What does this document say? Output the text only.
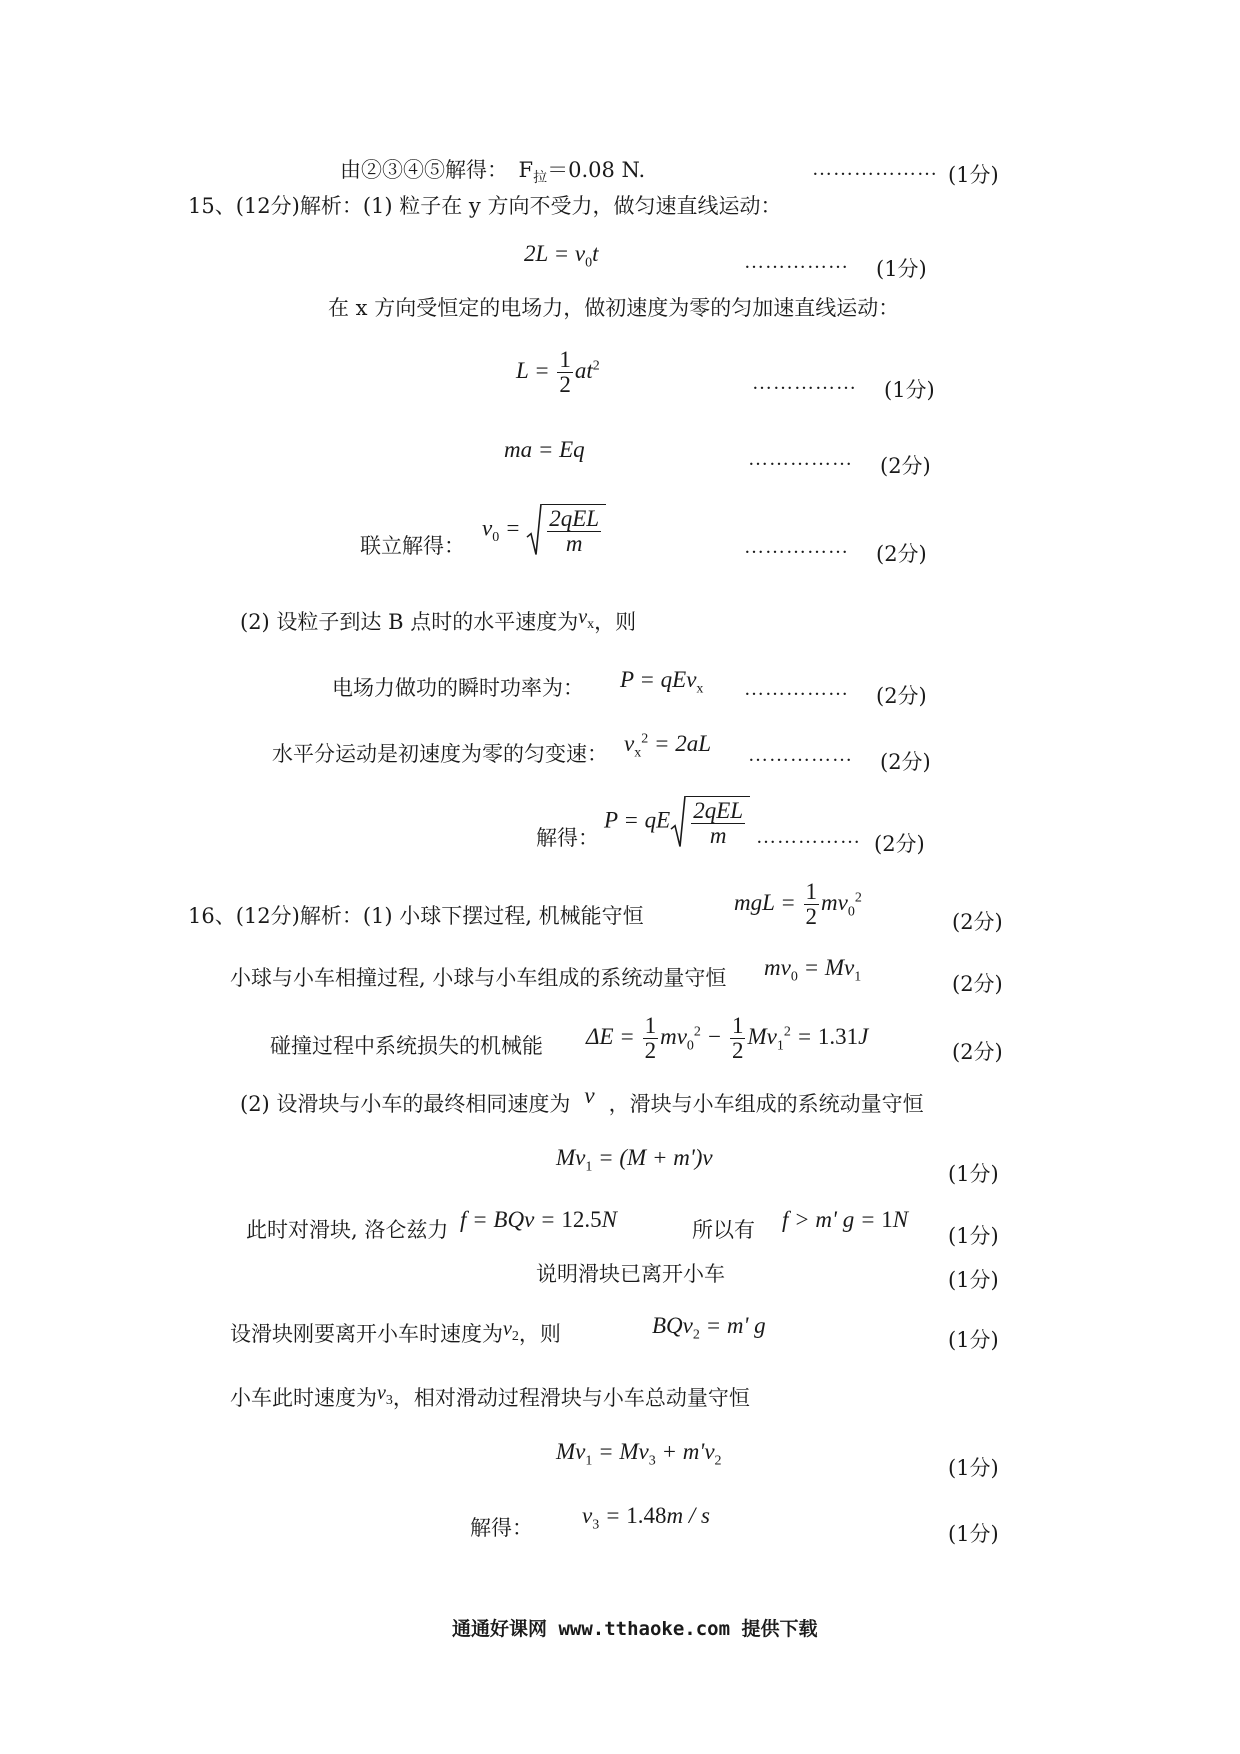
由②③④⑤解得：　$F_拉=0.08$ N.	……………… (1分)
15、(12分)解析：(1) 粒子在 y 方向不受力，做匀速直线运动：
$2L = v_0t$	…………… (1分)
在 x 方向受恒定的电场力，做初速度为零的匀加速直线运动：
$L = \frac{1}{2} at^2$
…………… (1分)
ma = Eq	…………… (2分)
联立解得：
$v_0 = \frac{\text{2qEL}}{m}$	…………… (2分)
(2) 设粒子到达 B 点时的水平速度为$v_x$，则
电场力做功的瞬时功率为： P = qEv$_x$ …………… (2分)
水平分运动是初速度为零的匀变速： $v_x^2 = 2aL$ …………… (2分)
解得：
P = qE $\frac{\text{2qEL}}{m}$ …………… (2分)
16、(12分)解析：(1) 小球下摆过程, 机械能守恒
mgL = $\frac{1}{2} mv_0^2$
(2分)
小球与小车相撞过程, 小球与小车组成的系统动量守恒 $mv_0 = Mv_1$	(2分)
碰撞过程中系统损失的机械能 $\Delta E = \frac{1}{2} mv_0^2 - \frac{1}{2} Mv_1^2 = 1.31J$
(2分)
(2) 设滑块与小车的最终相同速度为 v ，滑块与小车组成的系统动量守恒
$Mv_1 = (M + m')v$
(1分)
此时对滑块, 洛仑兹力 f = BQv = 12.5N	所以有 f > m' g = 1N
(1分)
说明滑块已离开小车	(1分)
设滑块刚要离开小车时速度为$v_2$，则	BQv$_2$ = m' g
(1分)
小车此时速度为$v_3$，相对滑动过程滑块与小车总动量守恒
$Mv_1 = Mv_3 + m'v_2$	(1分)
解得： $v_3 = 1.48m / s$
(1分)
通通好课网 www.tthaoke.com 提供下载
